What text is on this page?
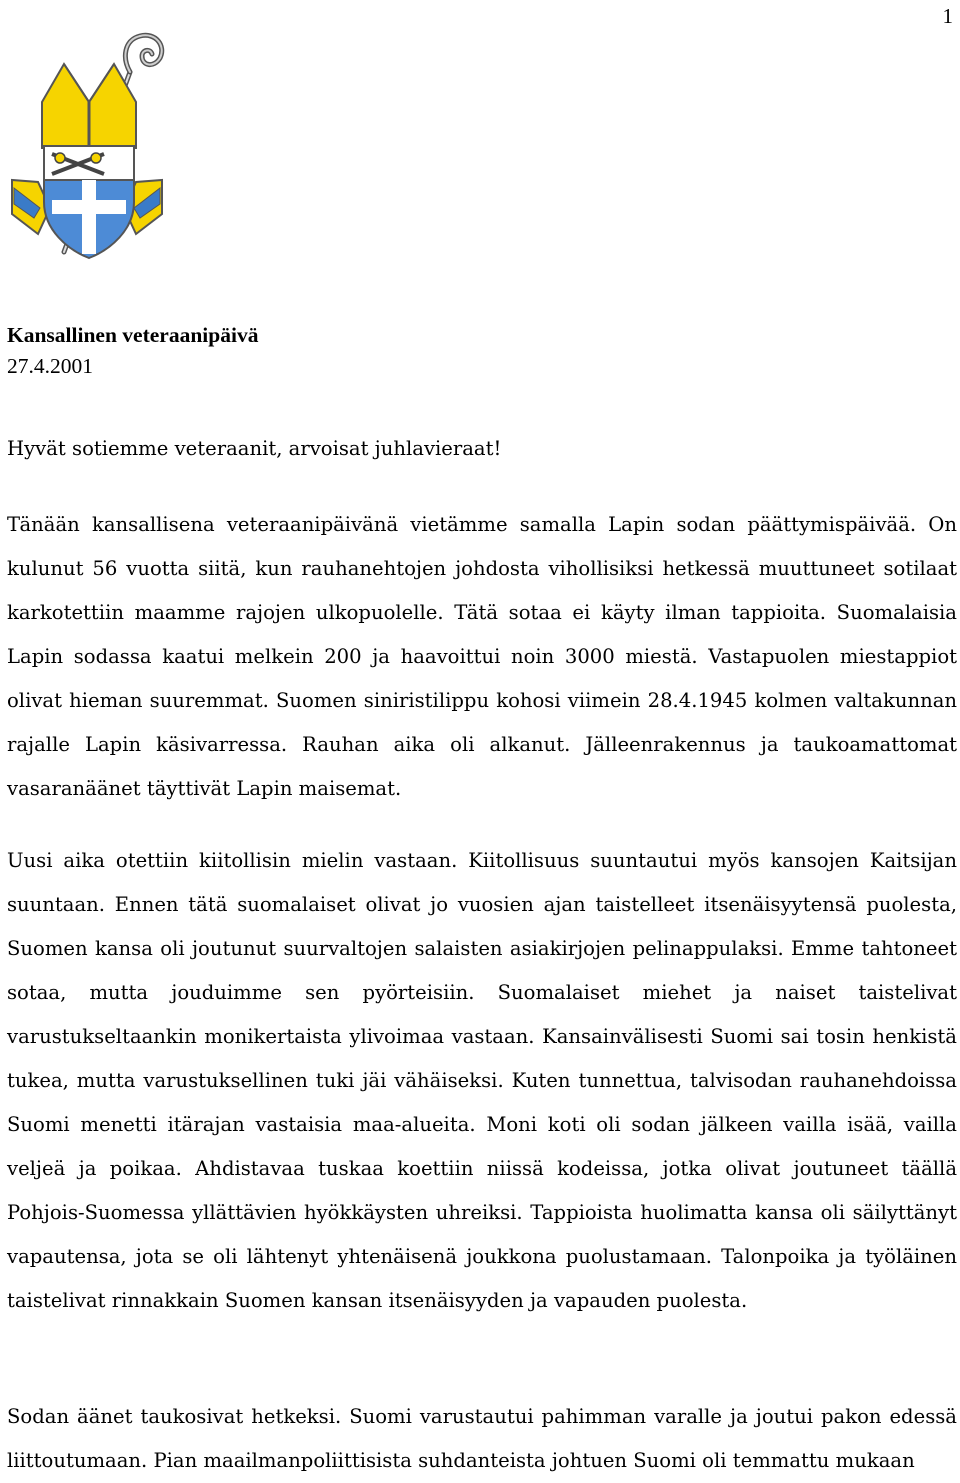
1
Kansallinen veteraanipäivä
27.4.2001

Hyvät sotiemme veteraanit, arvoisat juhlavieraat!

Tänään kansallisena veteraanipäivänä vietämme samalla Lapin sodan päättymispäivää. On kulunut 56 vuotta siitä, kun rauhanehtojen johdosta vihollisiksi hetkessä muuttuneet sotilaat karkotettiin maamme rajojen ulkopuolelle. Tätä sotaa ei käyty ilman tappioita. Suomalaisia Lapin sodassa kaatui melkein 200 ja haavoittui noin 3000 miestä. Vastapuolen miestappiot olivat hieman suuremmat. Suomen siniristilippu kohosi viimein 28.4.1945 kolmen valtakunnan rajalle Lapin käsivarressa. Rauhan aika oli alkanut. Jälleenrakennus ja taukoamattomat vasaranäänet täyttivät Lapin maisemat.

Uusi aika otettiin kiitollisin mielin vastaan. Kiitollisuus suuntautui myös kansojen Kaitsijan suuntaan. Ennen tätä suomalaiset olivat jo vuosien ajan taistelleet itsenäisyytensä puolesta, Suomen kansa oli joutunut suurvaltojen salaisten asiakirjojen pelinappulaksi. Emme tahtoneet sotaa, mutta jouduimme sen pyörteisiin. Suomalaiset miehet ja naiset taistelivat varustukseltaankin monikertaista ylivoimaa vastaan. Kansainvälisesti Suomi sai tosin henkistä tukea, mutta varustuksellinen tuki jäi vähäiseksi. Kuten tunnettua, talvisodan rauhanehdoissa Suomi menetti itärajan vastaisia maa-alueita. Moni koti oli sodan jälkeen vailla isää, vailla veljeä ja poikaa. Ahdistavaa tuskaa koettiin niissä kodeissa, jotka olivat joutuneet täällä Pohjois-Suomessa yllättävien hyökkäysten uhreiksi. Tappioista huolimatta kansa oli säilyttänyt vapautensa, jota se oli lähtenyt yhtenäisenä joukkona puolustamaan. Talonpoika ja työläinen taistelivat rinnakkain Suomen kansan itsenäisyyden ja vapauden puolesta.

Sodan äänet taukosivat hetkeksi. Suomi varustautui pahimman varalle ja joutui pakon edessä liittoutumaan. Pian maailmanpoliittisista suhdanteista johtuen Suomi oli temmattu mukaan
